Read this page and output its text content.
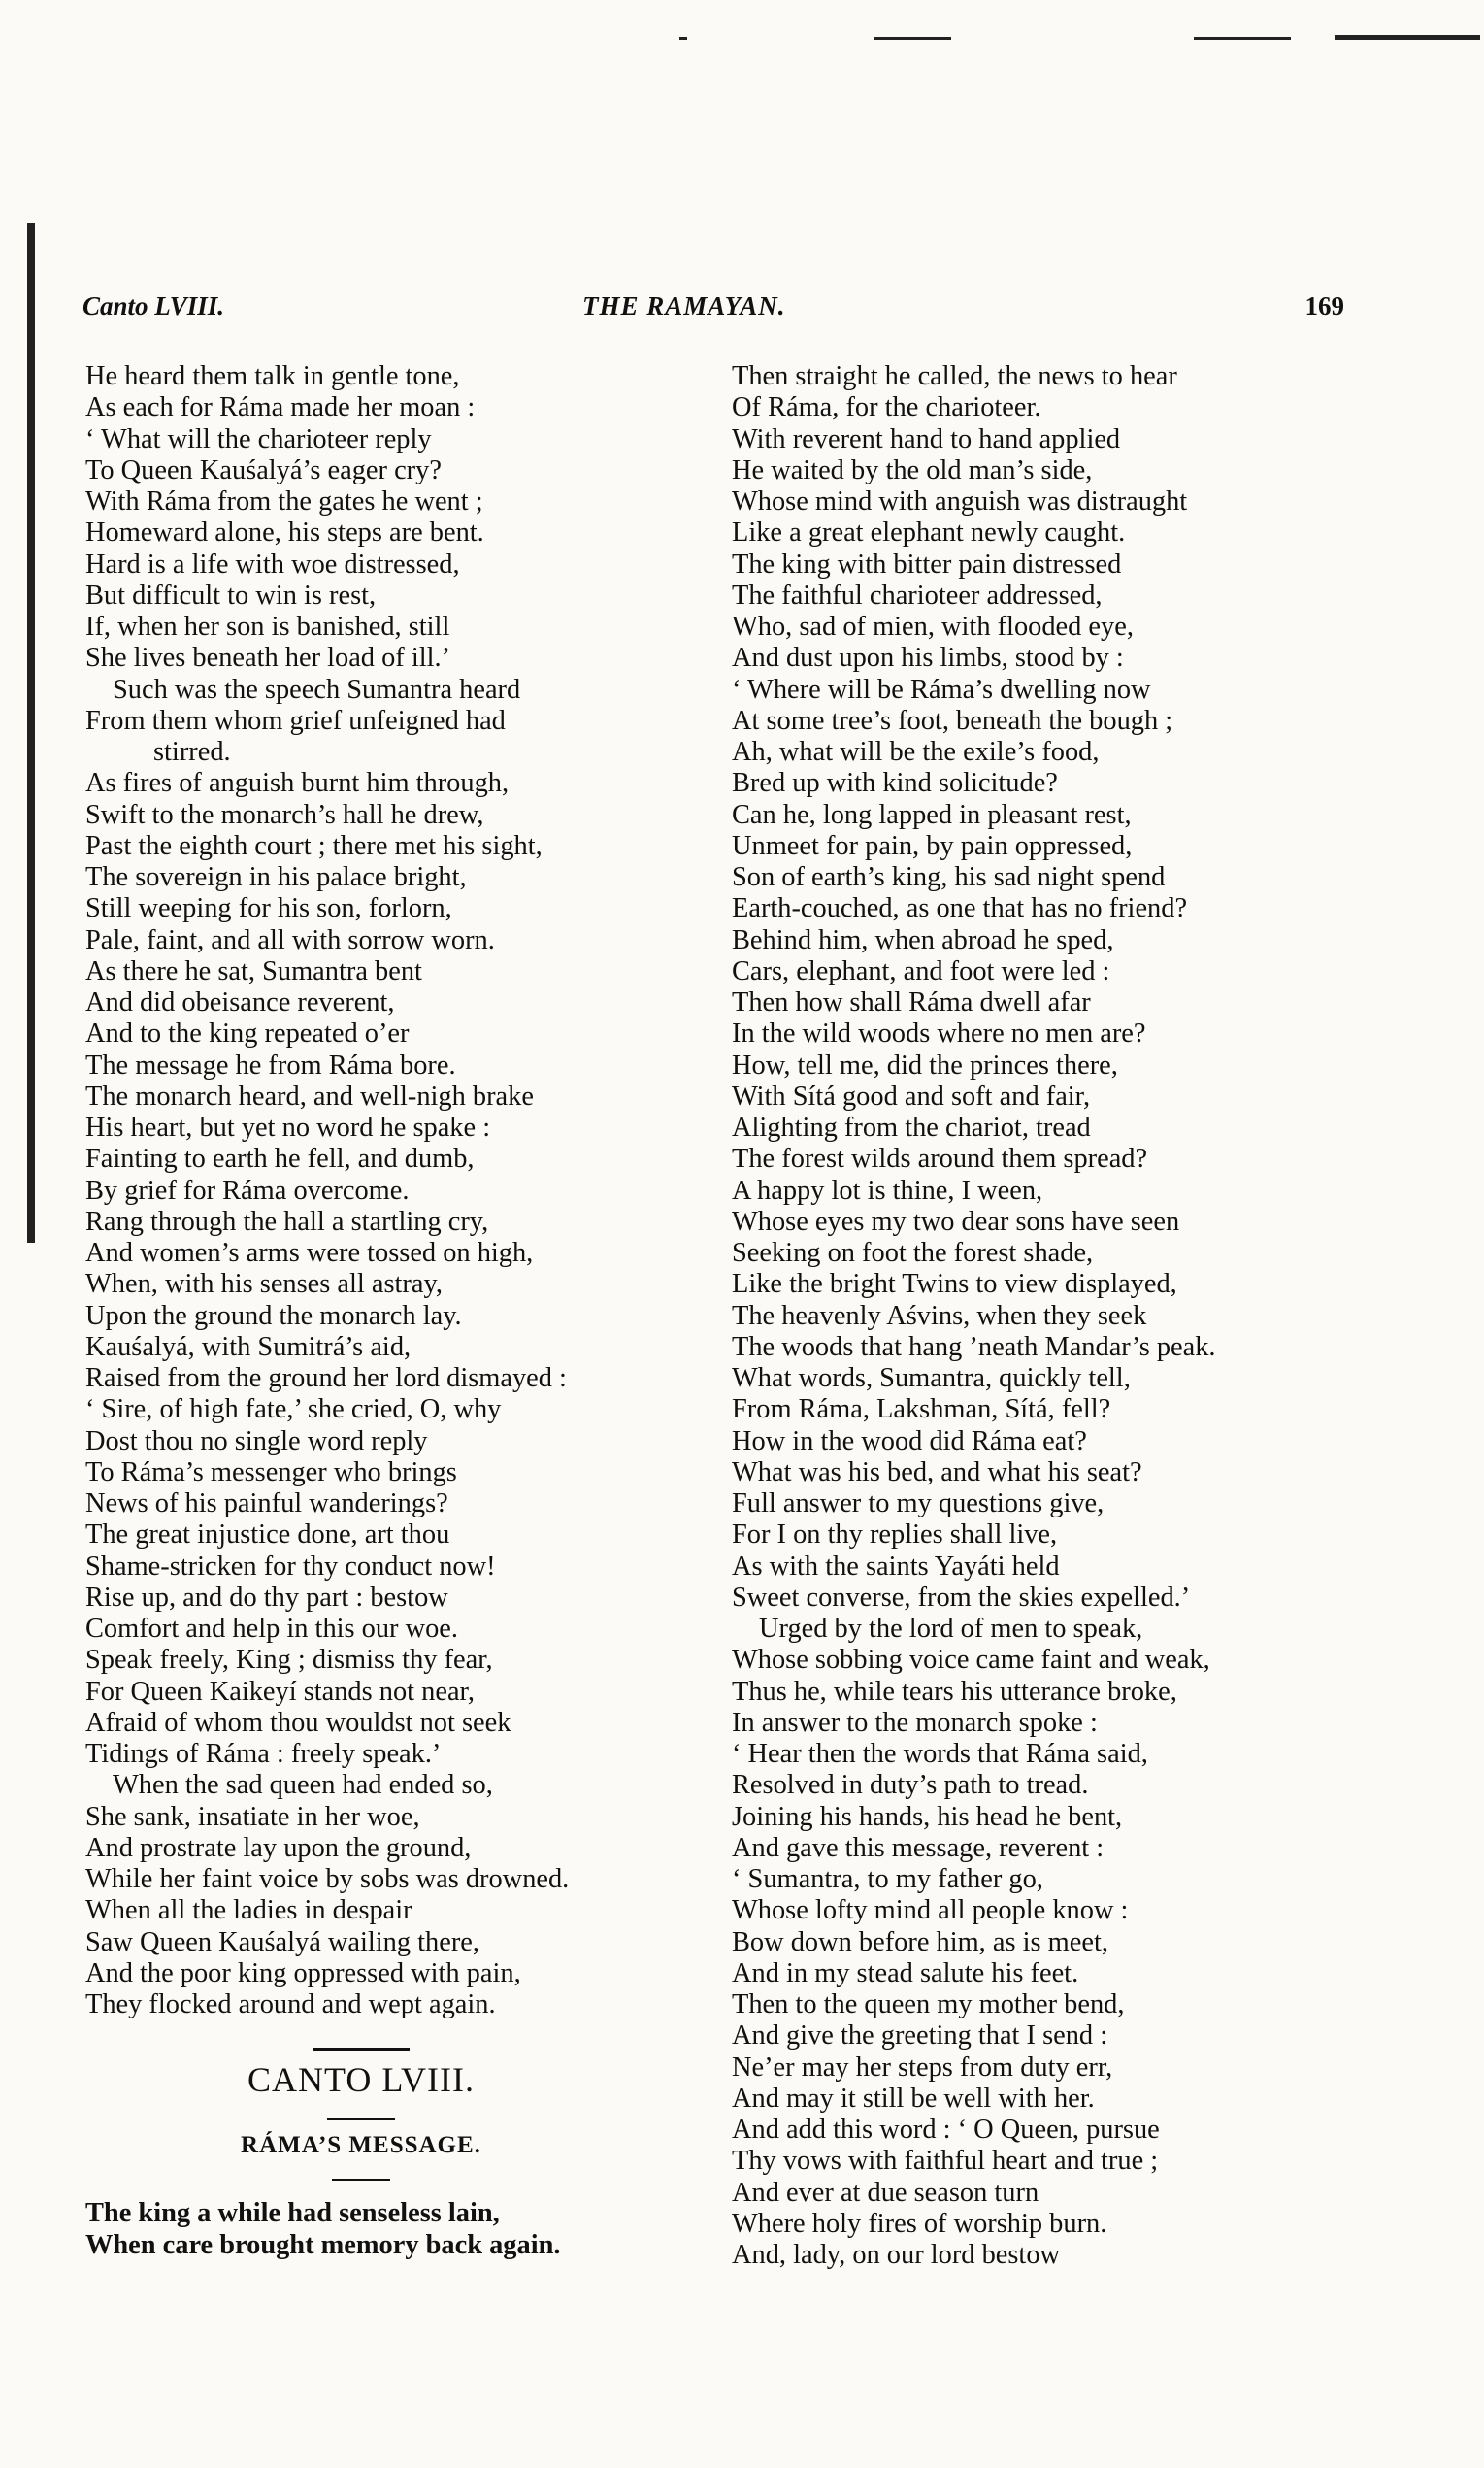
Canto LVIII.	THE RAMAYAN.	169
He heard them talk in gentle tone,
As each for Ráma made her moan :
‘ What will the charioteer reply
To Queen Kauśalyá’s eager cry?
With Ráma from the gates he went ;
Homeward alone, his steps are bent.
Hard is a life with woe distressed,
But difficult to win is rest,
If, when her son is banished, still
She lives beneath her load of ill.’
Such was the speech Sumantra heard
From them whom grief unfeigned had
stirred.
As fires of anguish burnt him through,
Swift to the monarch’s hall he drew,
Past the eighth court ; there met his sight,
The sovereign in his palace bright,
Still weeping for his son, forlorn,
Pale, faint, and all with sorrow worn.
As there he sat, Sumantra bent
And did obeisance reverent,
And to the king repeated o’er
The message he from Ráma bore.
The monarch heard, and well-nigh brake
His heart, but yet no word he spake :
Fainting to earth he fell, and dumb,
By grief for Ráma overcome.
Rang through the hall a startling cry,
And women’s arms were tossed on high,
When, with his senses all astray,
Upon the ground the monarch lay.
Kauśalyá, with Sumitrá’s aid,
Raised from the ground her lord dismayed :
‘ Sire, of high fate,’ she cried, O, why
Dost thou no single word reply
To Ráma’s messenger who brings
News of his painful wanderings?
The great injustice done, art thou
Shame-stricken for thy conduct now!
Rise up, and do thy part : bestow
Comfort and help in this our woe.
Speak freely, King ; dismiss thy fear,
For Queen Kaikeyí stands not near,
Afraid of whom thou wouldst not seek
Tidings of Ráma : freely speak.’
When the sad queen had ended so,
She sank, insatiate in her woe,
And prostrate lay upon the ground,
While her faint voice by sobs was drowned.
When all the ladies in despair
Saw Queen Kauśalyá wailing there,
And the poor king oppressed with pain,
They flocked around and wept again.
CANTO LVIII.
RÁMA’S MESSAGE.
The king a while had senseless lain,
When care brought memory back again.
Then straight he called, the news to hear
Of Ráma, for the charioteer.
With reverent hand to hand applied
He waited by the old man’s side,
Whose mind with anguish was distraught
Like a great elephant newly caught.
The king with bitter pain distressed
The faithful charioteer addressed,
Who, sad of mien, with flooded eye,
And dust upon his limbs, stood by :
‘ Where will be Ráma’s dwelling now
At some tree’s foot, beneath the bough ;
Ah, what will be the exile’s food,
Bred up with kind solicitude?
Can he, long lapped in pleasant rest,
Unmeet for pain, by pain oppressed,
Son of earth’s king, his sad night spend
Earth-couched, as one that has no friend?
Behind him, when abroad he sped,
Cars, elephant, and foot were led :
Then how shall Ráma dwell afar
In the wild woods where no men are?
How, tell me, did the princes there,
With Sítá good and soft and fair,
Alighting from the chariot, tread
The forest wilds around them spread?
A happy lot is thine, I ween,
Whose eyes my two dear sons have seen
Seeking on foot the forest shade,
Like the bright Twins to view displayed,
The heavenly Aśvins, when they seek
The woods that hang ’neath Mandar’s peak.
What words, Sumantra, quickly tell,
From Ráma, Lakshman, Sítá, fell?
How in the wood did Ráma eat?
What was his bed, and what his seat?
Full answer to my questions give,
For I on thy replies shall live,
As with the saints Yayáti held
Sweet converse, from the skies expelled.’
Urged by the lord of men to speak,
Whose sobbing voice came faint and weak,
Thus he, while tears his utterance broke,
In answer to the monarch spoke :
‘ Hear then the words that Ráma said,
Resolved in duty’s path to tread.
Joining his hands, his head he bent,
And gave this message, reverent :
‘ Sumantra, to my father go,
Whose lofty mind all people know :
Bow down before him, as is meet,
And in my stead salute his feet.
Then to the queen my mother bend,
And give the greeting that I send :
Ne’er may her steps from duty err,
And may it still be well with her.
And add this word : ‘ O Queen, pursue
Thy vows with faithful heart and true ;
And ever at due season turn
Where holy fires of worship burn.
And, lady, on our lord bestow
